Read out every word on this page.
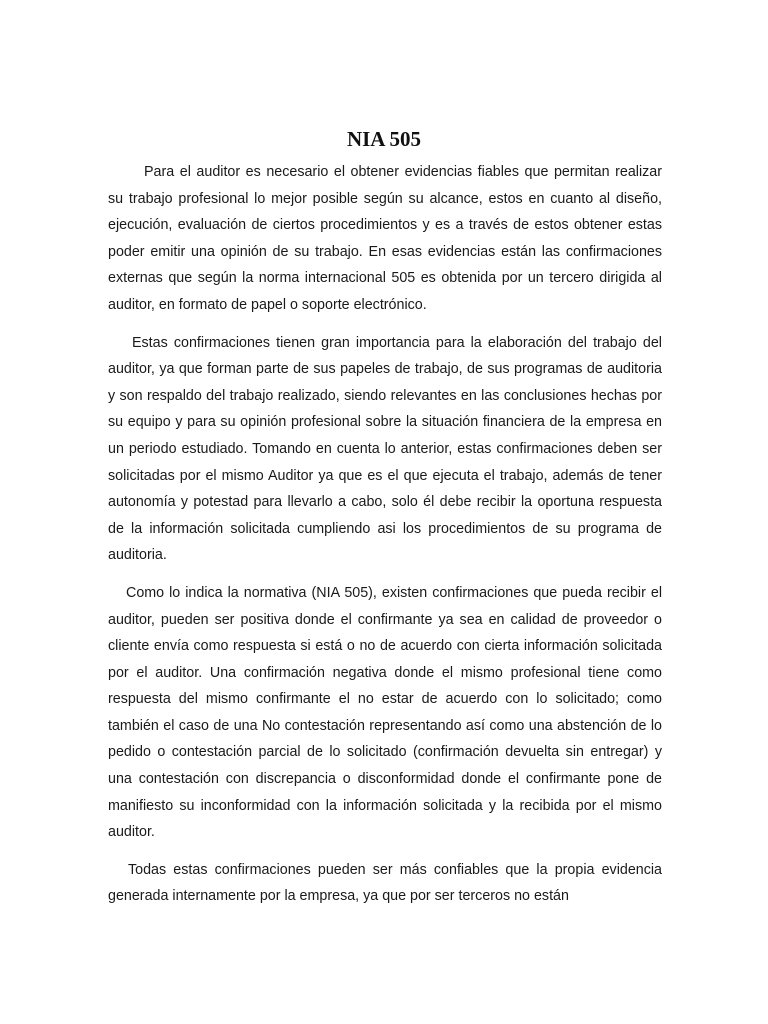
NIA 505

Para el auditor es necesario el obtener evidencias fiables que permitan realizar su trabajo profesional lo mejor posible según su alcance, estos en cuanto al diseño, ejecución, evaluación de ciertos procedimientos y es a través de estos obtener estas poder emitir una opinión de su trabajo. En esas evidencias están las confirmaciones externas que según la norma internacional 505 es obtenida por un tercero dirigida al auditor, en formato de papel o soporte electrónico.

Estas confirmaciones tienen gran importancia para la elaboración del trabajo del auditor, ya que forman parte de sus papeles de trabajo, de sus programas de auditoria y son respaldo del trabajo realizado, siendo relevantes en las conclusiones hechas por su equipo y para su opinión profesional sobre la situación financiera de la empresa en un periodo estudiado. Tomando en cuenta lo anterior, estas confirmaciones deben ser solicitadas por el mismo Auditor ya que es el que ejecuta el trabajo, además de tener autonomía y potestad para llevarlo a cabo, solo él debe recibir la oportuna respuesta de la información solicitada cumpliendo asi los procedimientos de su programa de auditoria.

Como lo indica la normativa (NIA 505), existen confirmaciones que pueda recibir el auditor, pueden ser positiva donde el confirmante ya sea en calidad de proveedor o cliente envía como respuesta si está o no de acuerdo con cierta información solicitada por el auditor. Una confirmación negativa donde el mismo profesional tiene como respuesta del mismo confirmante el no estar de acuerdo con lo solicitado; como también el caso de una No contestación representando así como una abstención de lo pedido o contestación parcial de lo solicitado (confirmación devuelta sin entregar) y una contestación con discrepancia o disconformidad donde el confirmante pone de manifiesto su inconformidad con la información solicitada y la recibida por el mismo auditor.

Todas estas confirmaciones pueden ser más confiables que la propia evidencia generada internamente por la empresa, ya que por ser terceros no están
